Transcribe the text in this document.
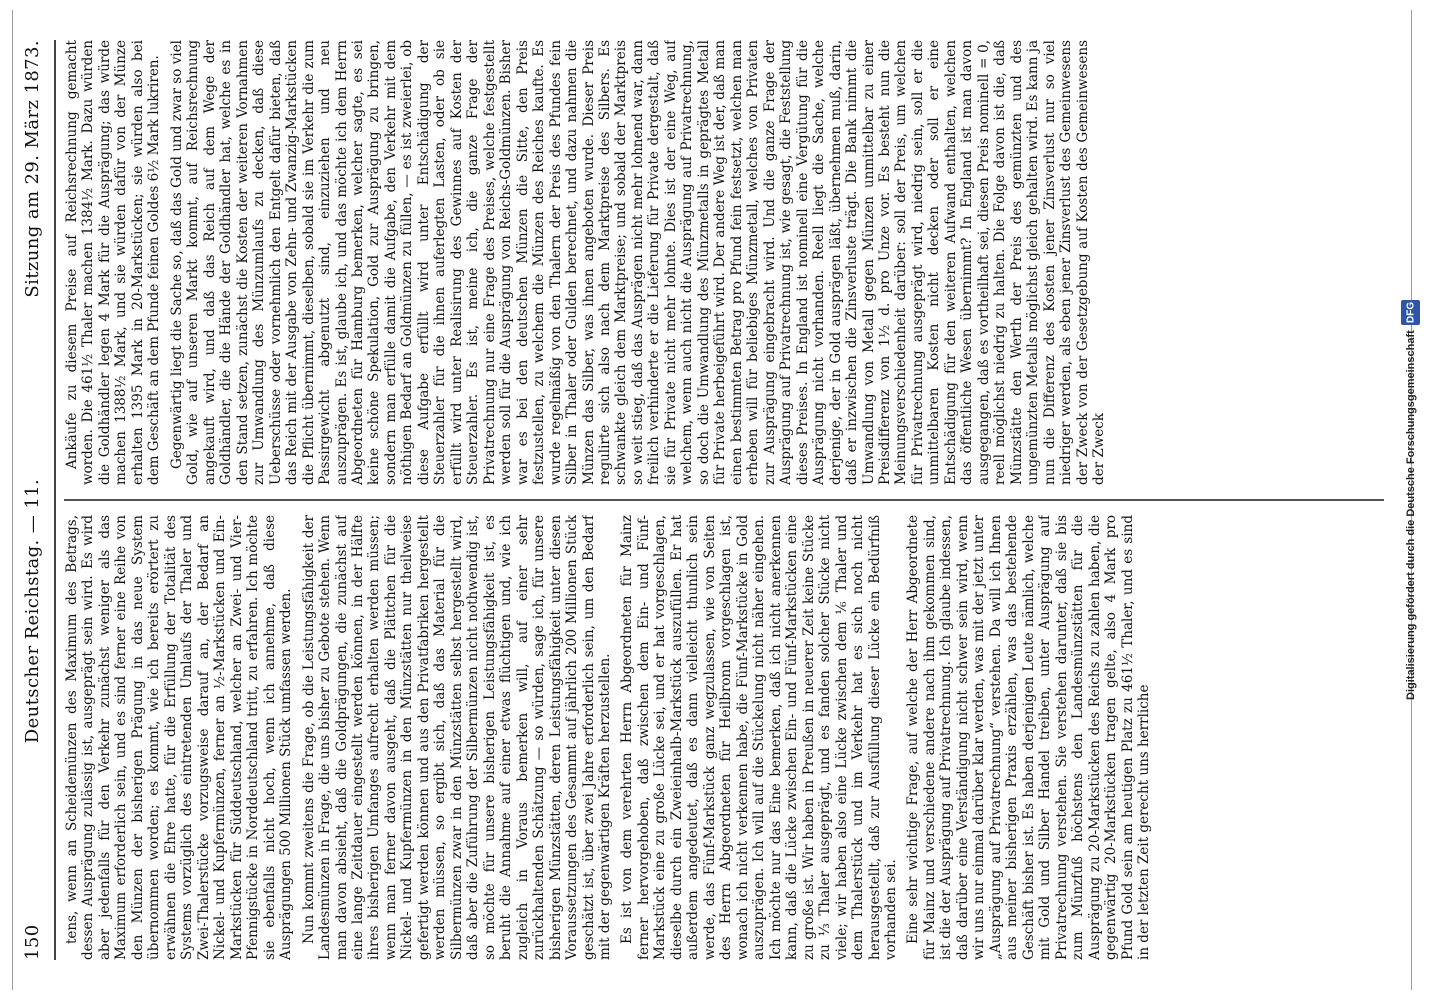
150
Deutscher Reichstag. — 11.
Sitzung am 29. März 1873.

tens, wenn an Scheidemünzen des Maximum des Betrags, dessen Ausprägung zulässig ist, ausgeprägt sein wird. Es wird aber jedenfalls für den Verkehr zunächst weniger als das Maximum erforderlich sein, und es sind ferner eine Reihe von den Münzen der bisherigen Prägung in das neue System übernommen worden; es kommt, wie ich bereits erörtert zu erwähnen die Ehre hatte, für die Erfüllung der Totalität des Systems vorzüglich des eintretenden Umlaufs der Thaler und Zwei-Thalerstücke vorzugsweise darauf an, der Bedarf an Nickel- und Kupfermünzen, ferner an ½-Markstücken und Ein-Markstücken für Süddeutschland, welcher an Zwei- und Vier-Pfennigstücke in Norddeutschland tritt, zu erfahren. Ich möchte sie ebenfalls nicht hoch, wenn ich annehme, daß diese Ausprägungen 500 Millionen Stück umfassen werden. Nun kommt zweitens die Frage, ob die Leistungsfähigkeit der Landesmünzen in Frage, die uns bisher zu Gebote stehen. Wenn man davon absieht, daß die Goldprägungen, die zunächst auf eine lange Zeitdauer eingestellt werden können, in der Hälfte ihres bisherigen Umfanges aufrecht erhalten werden müssen; wenn man ferner davon ausgeht, daß die Plättchen für die Nickel- und Kupfermünzen in den Münzstätten nur theilweise gefertigt werden können und aus den Privatfabriken hergestellt werden müssen, so ergibt sich, daß das Material für die Silbermünzen zwar in den Münzstätten selbst hergestellt wird, daß aber die Zuführung der Silbermünzen nicht nothwendig ist, so möchte für unsere bisherigen Leistungsfähigkeit ist, es beruht die Annahme auf einer etwas flüchtigen und, wie ich zugleich in Voraus bemerken will, auf einer sehr zurückhaltenden Schätzung — so würden, sage ich, für unsere bisherigen Münzstätten, deren Leistungsfähigkeit unter diesen Voraussetzungen des Gesammt auf jährlich 200 Millionen Stück geschätzt ist, über zwei Jahre erforderlich sein, um den Bedarf mit der gegenwärtigen Kräften herzustellen. Es ist von dem verehrten Herrn Abgeordneten für Mainz ferner hervorgehoben, daß zwischen dem Ein- und Fünf-Markstück eine zu große Lücke sei, und er hat vorgeschlagen, dieselbe durch ein Zweieinhalb-Markstück auszufüllen. Er hat außerdem angedeutet, daß es dann vielleicht thunlich sein werde, das Fünf-Markstück ganz wegzulassen, wie von Seiten des Herrn Abgeordneten für Heilbronn vorgeschlagen ist, wonach ich nicht verkennen habe, die Fünf-Markstücke in Gold auszuprägen. Ich will auf die Stückelung nicht näher eingehen. Ich möchte nur das Eine bemerken, daß ich nicht anerkennen kann, daß die Lücke zwischen Ein- und Fünf-Markstücken eine zu große ist. Wir haben in Preußen in neuerer Zeit keine Stücke zu ⅓ Thaler ausgeprägt, und es fanden solcher Stücke nicht viele; wir haben also eine Lücke zwischen dem ⅙ Thaler und dem Thalerstück und im Verkehr hat es sich noch nicht herausgestellt, daß zur Ausfüllung dieser Lücke ein Bedürfniß vorhanden sei. Eine sehr wichtige Frage, auf welche der Herr Abgeordnete für Mainz und verschiedene andere nach ihm gekommen sind, ist die der Ausprägung auf Privatrechnung. Ich glaube indessen, daß darüber eine Verständigung nicht schwer sein wird, wenn wir uns nur einmal darüber klar werden, was mit der jetzt unter „Ausprägung auf Privatrechnung“ verstehen. Da will ich Ihnen aus meiner bisherigen Praxis erzählen, was das bestehende Geschäft bisher ist. Es haben derjenigen Leute nämlich, welche mit Gold und Silber Handel treiben, unter Ausprägung auf Privatrechnung verstehen. Sie verstehen darunter, daß sie bis zum Münzfuß höchstens den Landesmünzstätten für die Ausprägung zu 20-Markstücken des Reichs zu zahlen haben, die gegenwärtig 20-Markstücken tragen gelte, also 4 Mark pro Pfund Gold sein am heutigen Platz zu 461½ Thaler, und es sind in der letzten Zeit gerecht uns herrliche

Ankäufe zu diesem Preise auf Reichsrechnung gemacht worden. Die 461½ Thaler machen 1384½ Mark. Dazu würden die Goldhändler legen 4 Mark für die Ausprägung; das würde machen 1388½ Mark, und sie würden dafür von der Münze erhalten 1395 Mark in 20-Markstücken; sie würden also bei dem Geschäft an dem Pfunde feinen Goldes 6½ Mark lukriren. Gegenwärtig liegt die Sache so, daß das Gold und zwar so viel Gold, wie auf unseren Markt kommt, auf Reichsrechnung angekauft wird, und daß das Reich auf dem Wege der Goldhändler, die die Hände der Goldhändler hat, welche es in den Stand setzen, zunächst die Kosten der weiteren Vornahmen zur Umwandlung des Münzumlaufs zu decken, daß diese Ueberschüsse oder vornehmlich den Entgelt dafür bieten, daß das Reich mit der Ausgabe von Zehn- und Zwanzig-Markstücken die Pflicht übernimmt, dieselben, sobald sie im Verkehr die zum Passirgewicht abgenutzt sind, einzuziehen und neu auszuprägen. Es ist, glaube ich, und das möchte ich dem Herrn Abgeordneten für Hamburg bemerken, welcher sagte, es sei keine schöne Spekulation, Gold zur Ausprägung zu bringen, sondern man erfülle damit die Aufgabe, den Verkehr mit dem nöthigen Bedarf an Goldmünzen zu füllen, — es ist zweierlei, ob diese Aufgabe erfüllt wird unter Entschädigung der Steuerzahler für die ihnen auferlegten Lasten, oder ob sie erfüllt wird unter Realisirung des Gewinnes auf Kosten der Steuerzahler. Es ist, meine ich, die ganze Frage der Privatrechnung nur eine Frage des Preises, welche festgestellt werden soll für die Ausprägung von Reichs-Goldmünzen. Bisher war es bei den deutschen Münzen die Sitte, den Preis festzustellen, zu welchem die Münzen des Reiches kaufte. Es wurde regelmäßig von den Thalern der Preis des Pfundes fein Silber in Thaler oder Gulden berechnet, und dazu nahmen die Münzen das Silber, was ihnen angeboten wurde. Dieser Preis regulirte sich also nach dem Marktpreise des Silbers. Es schwankte gleich dem Marktpreise; und sobald der Marktpreis so weit stieg, daß das Ausprägen nicht mehr lohnend war, dann freilich verhinderte er die Lieferung für Private dergestalt, daß sie für Private nicht mehr lohnte. Dies ist der eine Weg, auf welchem, wenn auch nicht die Ausprägung auf Privatrechnung, so doch die Umwandlung des Münzmetalls in geprägtes Metall für Private herbeigeführt wird. Der andere Weg ist der, daß man einen bestimmten Betrag pro Pfund fein festsetzt, welchen man erheben will für beliebiges Münzmetall, welches von Privaten zur Ausprägung eingebracht wird. Und die ganze Frage der Ausprägung auf Privatrechnung ist, wie gesagt, die Feststellung dieses Preises. In England ist nominell eine Vergütung für die Ausprägung nicht vorhanden. Reell liegt die Sache, welche derjenige, der in Gold ausprägen läßt, übernehmen muß, darin, daß er inzwischen die Zinsverluste trägt. Die Bank nimmt die Umwandlung von Metall gegen Münzen unmittelbar zu einer Preisdifferenz von 1½ d. pro Unze vor. Es besteht nun die Meinungsverschiedenheit darüber: soll der Preis, um welchen für Privatrechnung ausgeprägt wird, niedrig sein, soll er die unmittelbaren Kosten nicht decken oder soll er eine Entschädigung für den weiteren Aufwand enthalten, welchen das öffentliche Wesen übernimmt? In England ist man davon ausgegangen, daß es vortheilhaft sei, diesen Preis nominell = 0, reell möglichst niedrig zu halten. Die Folge davon ist die, daß Münzstätte den Werth der Preis des gemünzten und des ungemünzten Metalls möglichst gleich gehalten wird. Es kann ja nun die Differenz des Kosten jener Zinsverlust nur so viel niedriger werden, als eben jener Zinsverlust des Gemeinwesens der Zweck von der Gesetzgebung auf Kosten des Gemeinwesens der Zweck	Digitalisierung gefördert durch die Deutsche Forschungsgemeinschaft
DFG
